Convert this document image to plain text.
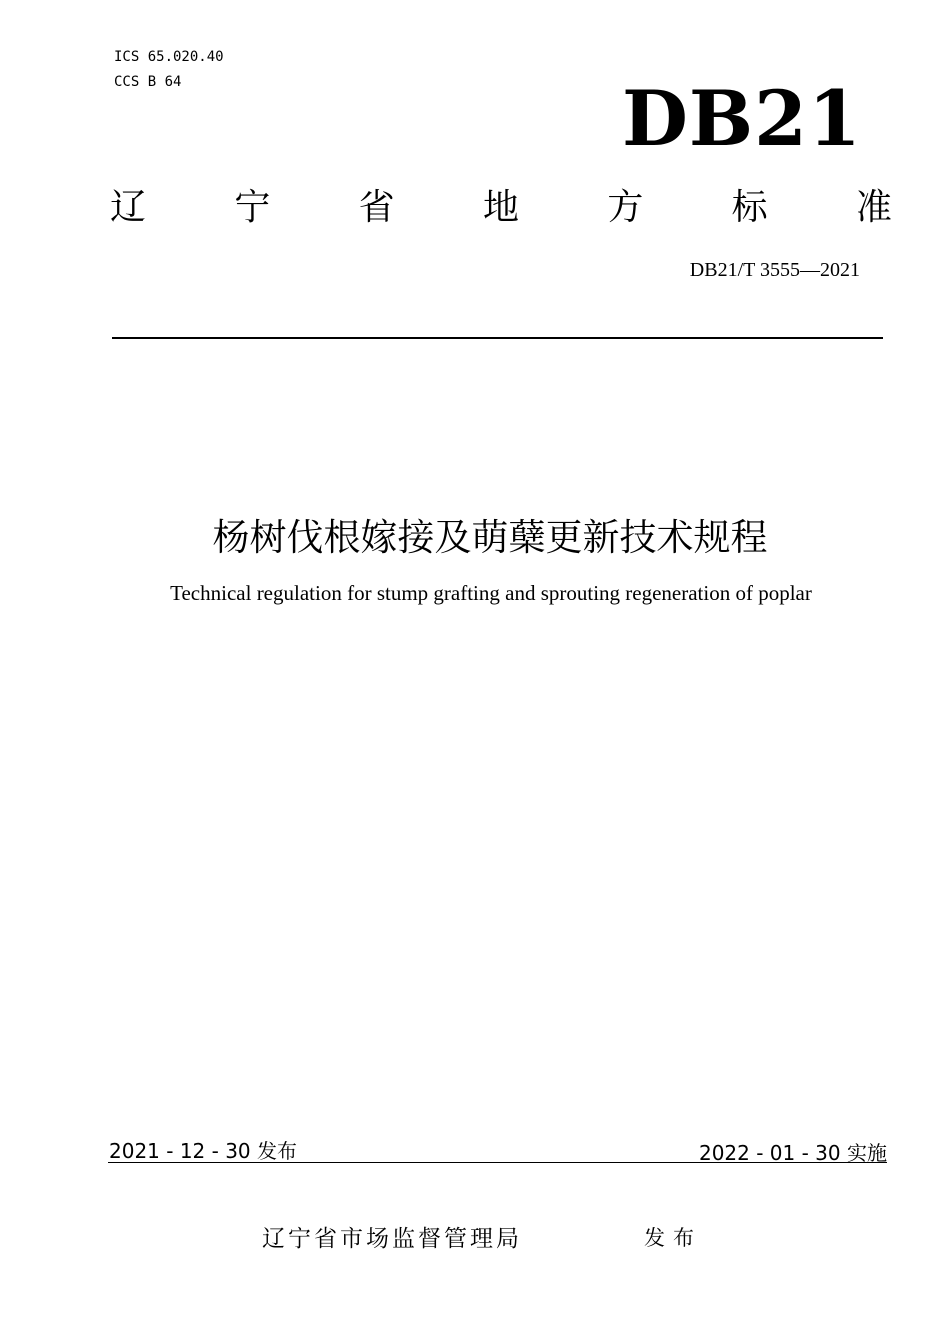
ICS 65.020.40
CCS B 64	DB21
辽 宁 省 地 方 标 准
DB21/T 3555—2021
杨树伐根嫁接及萌蘖更新技术规程
Technical regulation for stump grafting and sprouting regeneration of poplar
2021 - 12 - 30 发布	2022 - 01 - 30 实施
辽宁省市场监督管理局	发布
